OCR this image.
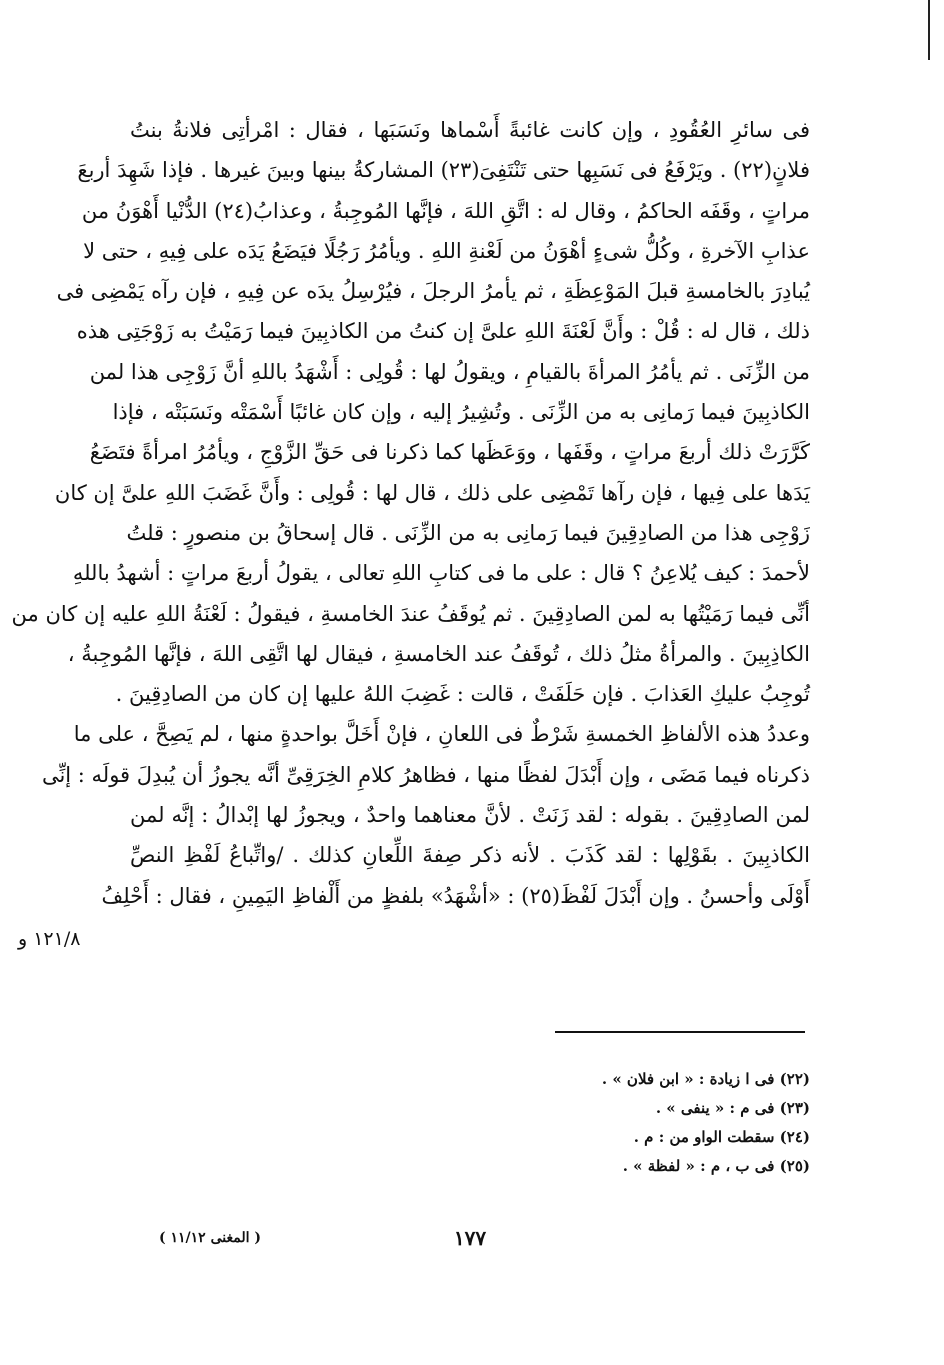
فى سائرِ العُقُودِ ، وإن كانت غائبةً أَسْماها ونَسَبَها ، فقال : امْرأتِى فلانةُ بنتُ
فلانٍ(٢٢) . ويَرْفَعُ فى نَسَبِها حتى تَنْتَفِىَ(٢٣) المشاركةُ بينها وبينَ غيرها . فإذا شَهِدَ أربعَ
مراتٍ ، وقَفَه الحاكمُ ، وقال له : اتَّقِ اللهَ ، فإنَّها المُوجِبةُ ، وعذابُ(٢٤) الدُّنْيا أَهْوَنُ من
عذابِ الآخرةِ ، وكُلُّ شىءٍ أهْوَنُ من لَعْنةِ اللهِ . ويأمُرُ رَجُلًا فيَضَعُ يَدَه على فِيهِ ، حتى لا
يُبادِرَ بالخامسةِ قبلَ المَوْعِظَةِ ، ثم يأمرُ الرجلَ ، فيُرْسِلُ يدَه عن فِيهِ ، فإن رآه يَمْضِى فى
ذلك ، قال له : قُلْ : وأَنَّ لَعْنَةَ اللهِ علىَّ إن كنتُ من الكاذبِينَ فيما رَمَيْتُ به زَوْجَتِى هذه
من الزِّنَى . ثم يأمُرُ المرأةَ بالقيامِ ، ويقولُ لها : قُولِى : أَشْهَدُ باللهِ أنَّ زَوْجِى هذا لمن
الكاذبِينَ فيما رَمانِى به من الزِّنَى . وتُشِيرُ إليه ، وإن كان غائبًا أَسْمَتْه ونَسَبَتْه ، فإذا
كَرَّرَتْ ذلك أربعَ مراتٍ ، وقَفَها ، ووَعَظَها كما ذكرنا فى حَقِّ الزَّوْجِ ، ويأمُرُ امرأةً فتَضَعُ
يَدَها على فِيها ، فإن رآها تَمْضِى على ذلك ، قال لها : قُولِى : وأَنَّ غَضَبَ اللهِ علىَّ إن كان
زَوْجِى هذا من الصادِقِينَ فيما رَمانِى به من الزِّنَى . قال إسحاقُ بن منصورٍ : قلتُ
لأحمدَ : كيف يُلاعِنُ ؟ قال : على ما فى كتابِ اللهِ تعالى ، يقولُ أربعَ مراتٍ : أشهدُ باللهِ
أنِّى فيما رَمَيْتُها به لمن الصادِقِينَ . ثم يُوقَفُ عندَ الخامسةِ ، فيقولُ : لَعْنَةُ اللهِ عليه إن كان من
الكاذِبِينَ . والمرأةُ مثلُ ذلك ، تُوقَفُ عند الخامسةِ ، فيقال لها اتَّقِى اللهَ ، فإنَّها المُوجِبةُ ،
تُوجِبُ عليكِ العَذابَ . فإن حَلَفَتْ ، قالت : غَضِبَ اللهُ عليها إن كان من الصادِقِينَ .
وعددُ هذه الألفاظِ الخمسةِ شَرْطٌ فى اللعانِ ، فإنْ أَخَلَّ بواحدةٍ منها ، لم يَصِحَّ ، على ما
ذكرناه فيما مَضَى ، وإن أَبْدَلَ لفظًا منها ، فظاهرُ كلامِ الخِرَقِىِّ أنَّه يجوزُ أن يُبدِلَ قولَه : إنِّى
لمن الصادِقِينَ . بقوله : لقد زَنَتْ . لأنَّ معناهما واحدٌ ، ويجوزُ لها إبْدالُ : إنَّه لمن
الكاذبِينَ . بقَوْلِها : لقد كَذَبَ . لأنه ذكر صِفةَ اللِّعانِ كذلك . /واتِّباعُ لَفْظِ النصِّ
أَوْلَى وأحسنُ . وإن أَبْدَلَ لَفْظَ(٢٥) : «أشْهَدُ» بلفظٍ من أَلْفاظِ اليَمِينِ ، فقال : أَحْلِفُ
١٢١/٨ و
(٢٢) فى ا زيادة : « ابن فلان » .
(٢٣) فى م : « ينفى » .
(٢٤) سقطت الواو من : م .
(٢٥) فى ب ، م : « لفظة » .
١٧٧
( المغنى ١١/١٢ )
